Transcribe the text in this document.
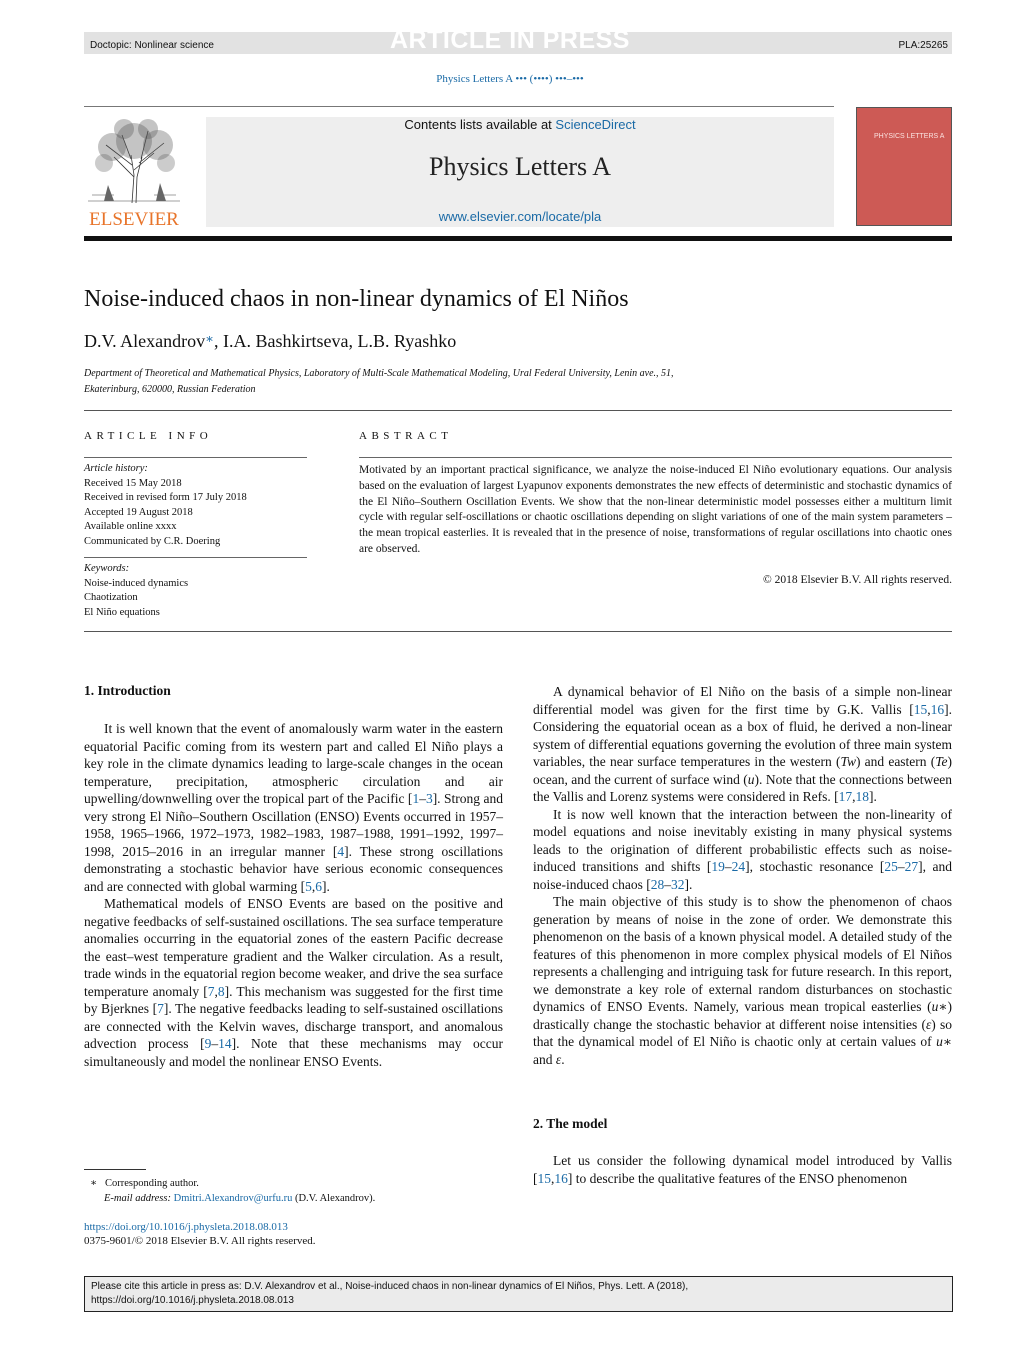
Doctopic: Nonlinear science	ARTICLE IN PRESS	PLA:25265
Physics Letters A ••• (••••) •••–•••
ELSEVIER
Contents lists available at ScienceDirect
Physics Letters A
www.elsevier.com/locate/pla
PHYSICS LETTERS A
Noise-induced chaos in non-linear dynamics of El Niños
D.V. Alexandrov∗, I.A. Bashkirtseva, L.B. Ryashko
Department of Theoretical and Mathematical Physics, Laboratory of Multi-Scale Mathematical Modeling, Ural Federal University, Lenin ave., 51,
Ekaterinburg, 620000, Russian Federation
ARTICLE INFO	ABSTRACT
Article history:
Received 15 May 2018
Received in revised form 17 July 2018
Accepted 19 August 2018
Available online xxxx
Communicated by C.R. Doering
Keywords:
Noise-induced dynamics
Chaotization
El Niño equations
Motivated by an important practical significance, we analyze the noise-induced El Niño evolutionary equations. Our analysis based on the evaluation of largest Lyapunov exponents demonstrates the new effects of deterministic and stochastic dynamics of the El Niño–Southern Oscillation Events. We show that the non-linear deterministic model possesses either a multiturn limit cycle with regular self-oscillations or chaotic oscillations depending on slight variations of one of the main system parameters – the mean tropical easterlies. It is revealed that in the presence of noise, transformations of regular oscillations into chaotic ones are observed.
© 2018 Elsevier B.V. All rights reserved.
1. Introduction

It is well known that the event of anomalously warm water in the eastern equatorial Pacific coming from its western part and called El Niño plays a key role in the climate dynamics leading to large-scale changes in the ocean temperature, precipitation, atmospheric circulation and air upwelling/downwelling over the tropical part of the Pacific [1–3]. Strong and very strong El Niño–Southern Oscillation (ENSO) Events occurred in 1957–1958, 1965–1966, 1972–1973, 1982–1983, 1987–1988, 1991–1992, 1997–1998, 2015–2016 in an irregular manner [4]. These strong oscillations demonstrating a stochastic behavior have serious economic consequences and are connected with global warming [5,6].

Mathematical models of ENSO Events are based on the positive and negative feedbacks of self-sustained oscillations. The sea surface temperature anomalies occurring in the equatorial zones of the eastern Pacific decrease the east–west temperature gradient and the Walker circulation. As a result, trade winds in the equatorial region become weaker, and drive the sea surface temperature anomaly [7,8]. This mechanism was suggested for the first time by Bjerknes [7]. The negative feedbacks leading to self-sustained oscillations are connected with the Kelvin waves, discharge transport, and anomalous advection process [9–14]. Note that these mechanisms may occur simultaneously and model the nonlinear ENSO Events.

A dynamical behavior of El Niño on the basis of a simple non-linear differential model was given for the first time by G.K. Vallis [15,16]. Considering the equatorial ocean as a box of fluid, he derived a non-linear system of differential equations governing the evolution of three main system variables, the near surface temperatures in the western (Tw) and eastern (Te) ocean, and the current of surface wind (u). Note that the connections between the Vallis and Lorenz systems were considered in Refs. [17,18].

It is now well known that the interaction between the non-linearity of model equations and noise inevitably existing in many physical systems leads to the origination of different probabilistic effects such as noise-induced transitions and shifts [19–24], stochastic resonance [25–27], and noise-induced chaos [28–32].

The main objective of this study is to show the phenomenon of chaos generation by means of noise in the zone of order. We demonstrate this phenomenon on the basis of a known physical model. A detailed study of the features of this phenomenon in more complex physical models of El Niños represents a challenging and intriguing task for future research. In this report, we demonstrate a key role of external random disturbances on stochastic dynamics of ENSO Events. Namely, various mean tropical easterlies (u∗) drastically change the stochastic behavior at different noise intensities (ε) so that the dynamical model of El Niño is chaotic only at certain values of u∗ and ε.

2. The model

Let us consider the following dynamical model introduced by Vallis [15,16] to describe the qualitative features of the ENSO phenomenon

∗ Corresponding author.
E-mail address: Dmitri.Alexandrov@urfu.ru (D.V. Alexandrov).
https://doi.org/10.1016/j.physleta.2018.08.013
0375-9601/© 2018 Elsevier B.V. All rights reserved.
Please cite this article in press as: D.V. Alexandrov et al., Noise-induced chaos in non-linear dynamics of El Niños, Phys. Lett. A (2018),
https://doi.org/10.1016/j.physleta.2018.08.013
